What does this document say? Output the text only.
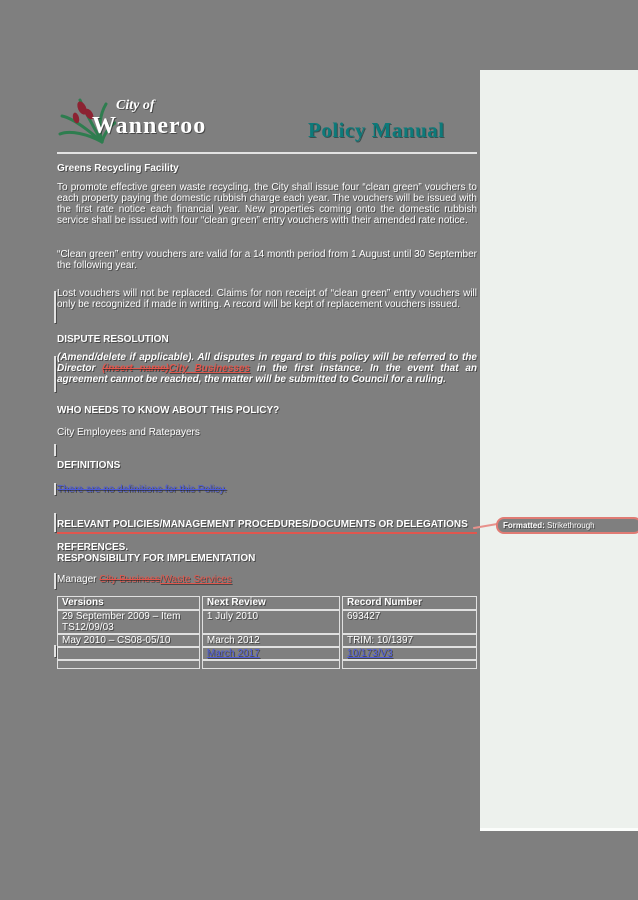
City of
Wanneroo	Policy Manual
Greens Recycling Facility
To promote effective green waste recycling, the City shall issue four “clean green” vouchers to each property paying the domestic rubbish charge each year. The vouchers will be issued with the first rate notice each financial year. New properties coming onto the domestic rubbish service shall be issued with four “clean green” entry vouchers with their amended rate notice.
“Clean green” entry vouchers are valid for a 14 month period from 1 August until 30 September the following year.
Lost vouchers will not be replaced. Claims for non receipt of “clean green” entry vouchers will only be recognized if made in writing. A record will be kept of replacement vouchers issued.
DISPUTE RESOLUTION
(Amend/delete if applicable). All disputes in regard to this policy will be referred to the Director (insert name)City Businesses in the first instance. In the event that an agreement cannot be reached, the matter will be submitted to Council for a ruling.
WHO NEEDS TO KNOW ABOUT THIS POLICY?
City Employees and Ratepayers
DEFINITIONS
There are no definitions for this Policy.
RELEVANT POLICIES/MANAGEMENT PROCEDURES/DOCUMENTS OR DELEGATIONS
REFERENCES.
RESPONSIBILITY FOR IMPLEMENTATION
Manager City Business/Waste Services
Versions	Next Review	Record Number
29 September 2009 – Item TS12/09/03	1 July 2010	693427
May 2010 – CS08-05/10	March 2012	TRIM: 10/1397
	March 2017	10/173/V3

Formatted: Strikethrough
